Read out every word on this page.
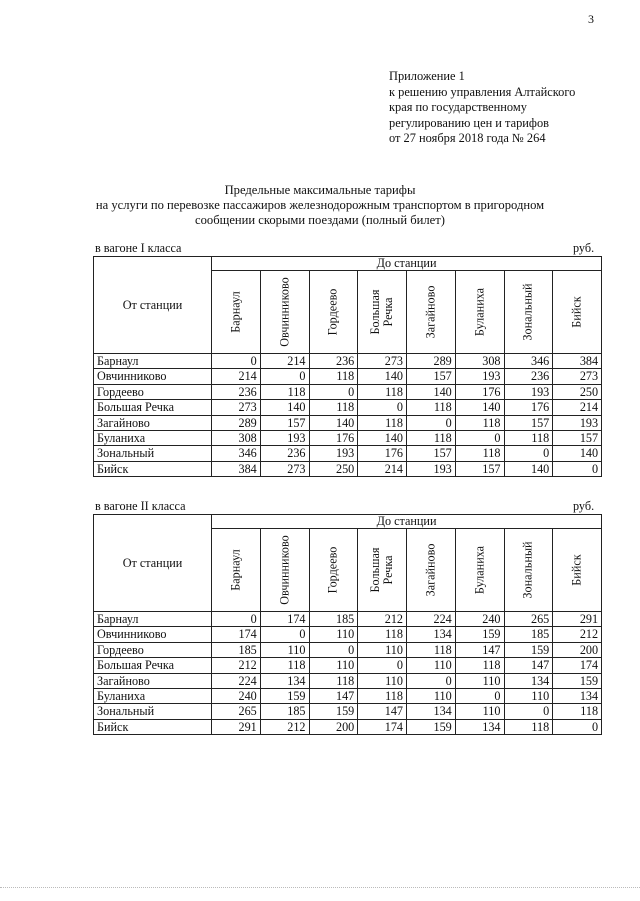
3
Приложение 1
к решению управления Алтайского
края по государственному
регулированию цен и тарифов
от 27 ноября 2018 года № 264
Предельные максимальные тарифы
на услуги по перевозке пассажиров железнодорожным транспортом в пригородном
сообщении скорыми поездами (полный билет)
в вагоне I класса	руб.
От станции	До станции							

	Барнаул	Овчинниково	Гордеево	Большая Речка	Загайново	Буланиха	Зональный	Бийск

Барнаул	0	214	236	273	289	308	346	384
Овчинниково	214	0	118	140	157	193	236	273
Гордеево	236	118	0	118	140	176	193	250
Большая Речка	273	140	118	0	118	140	176	214
Загайново	289	157	140	118	0	118	157	193
Буланиха	308	193	176	140	118	0	118	157
Зональный	346	236	193	176	157	118	0	140
Бийск	384	273	250	214	193	157	140	0
в вагоне II класса	руб.
От станции	До станции							

	Барнаул	Овчинниково	Гордеево	Большая Речка	Загайново	Буланиха	Зональный	Бийск

Барнаул	0	174	185	212	224	240	265	291
Овчинниково	174	0	110	118	134	159	185	212
Гордеево	185	110	0	110	118	147	159	200
Большая Речка	212	118	110	0	110	118	147	174
Загайново	224	134	118	110	0	110	134	159
Буланиха	240	159	147	118	110	0	110	134
Зональный	265	185	159	147	134	110	0	118
Бийск	291	212	200	174	159	134	118	0
